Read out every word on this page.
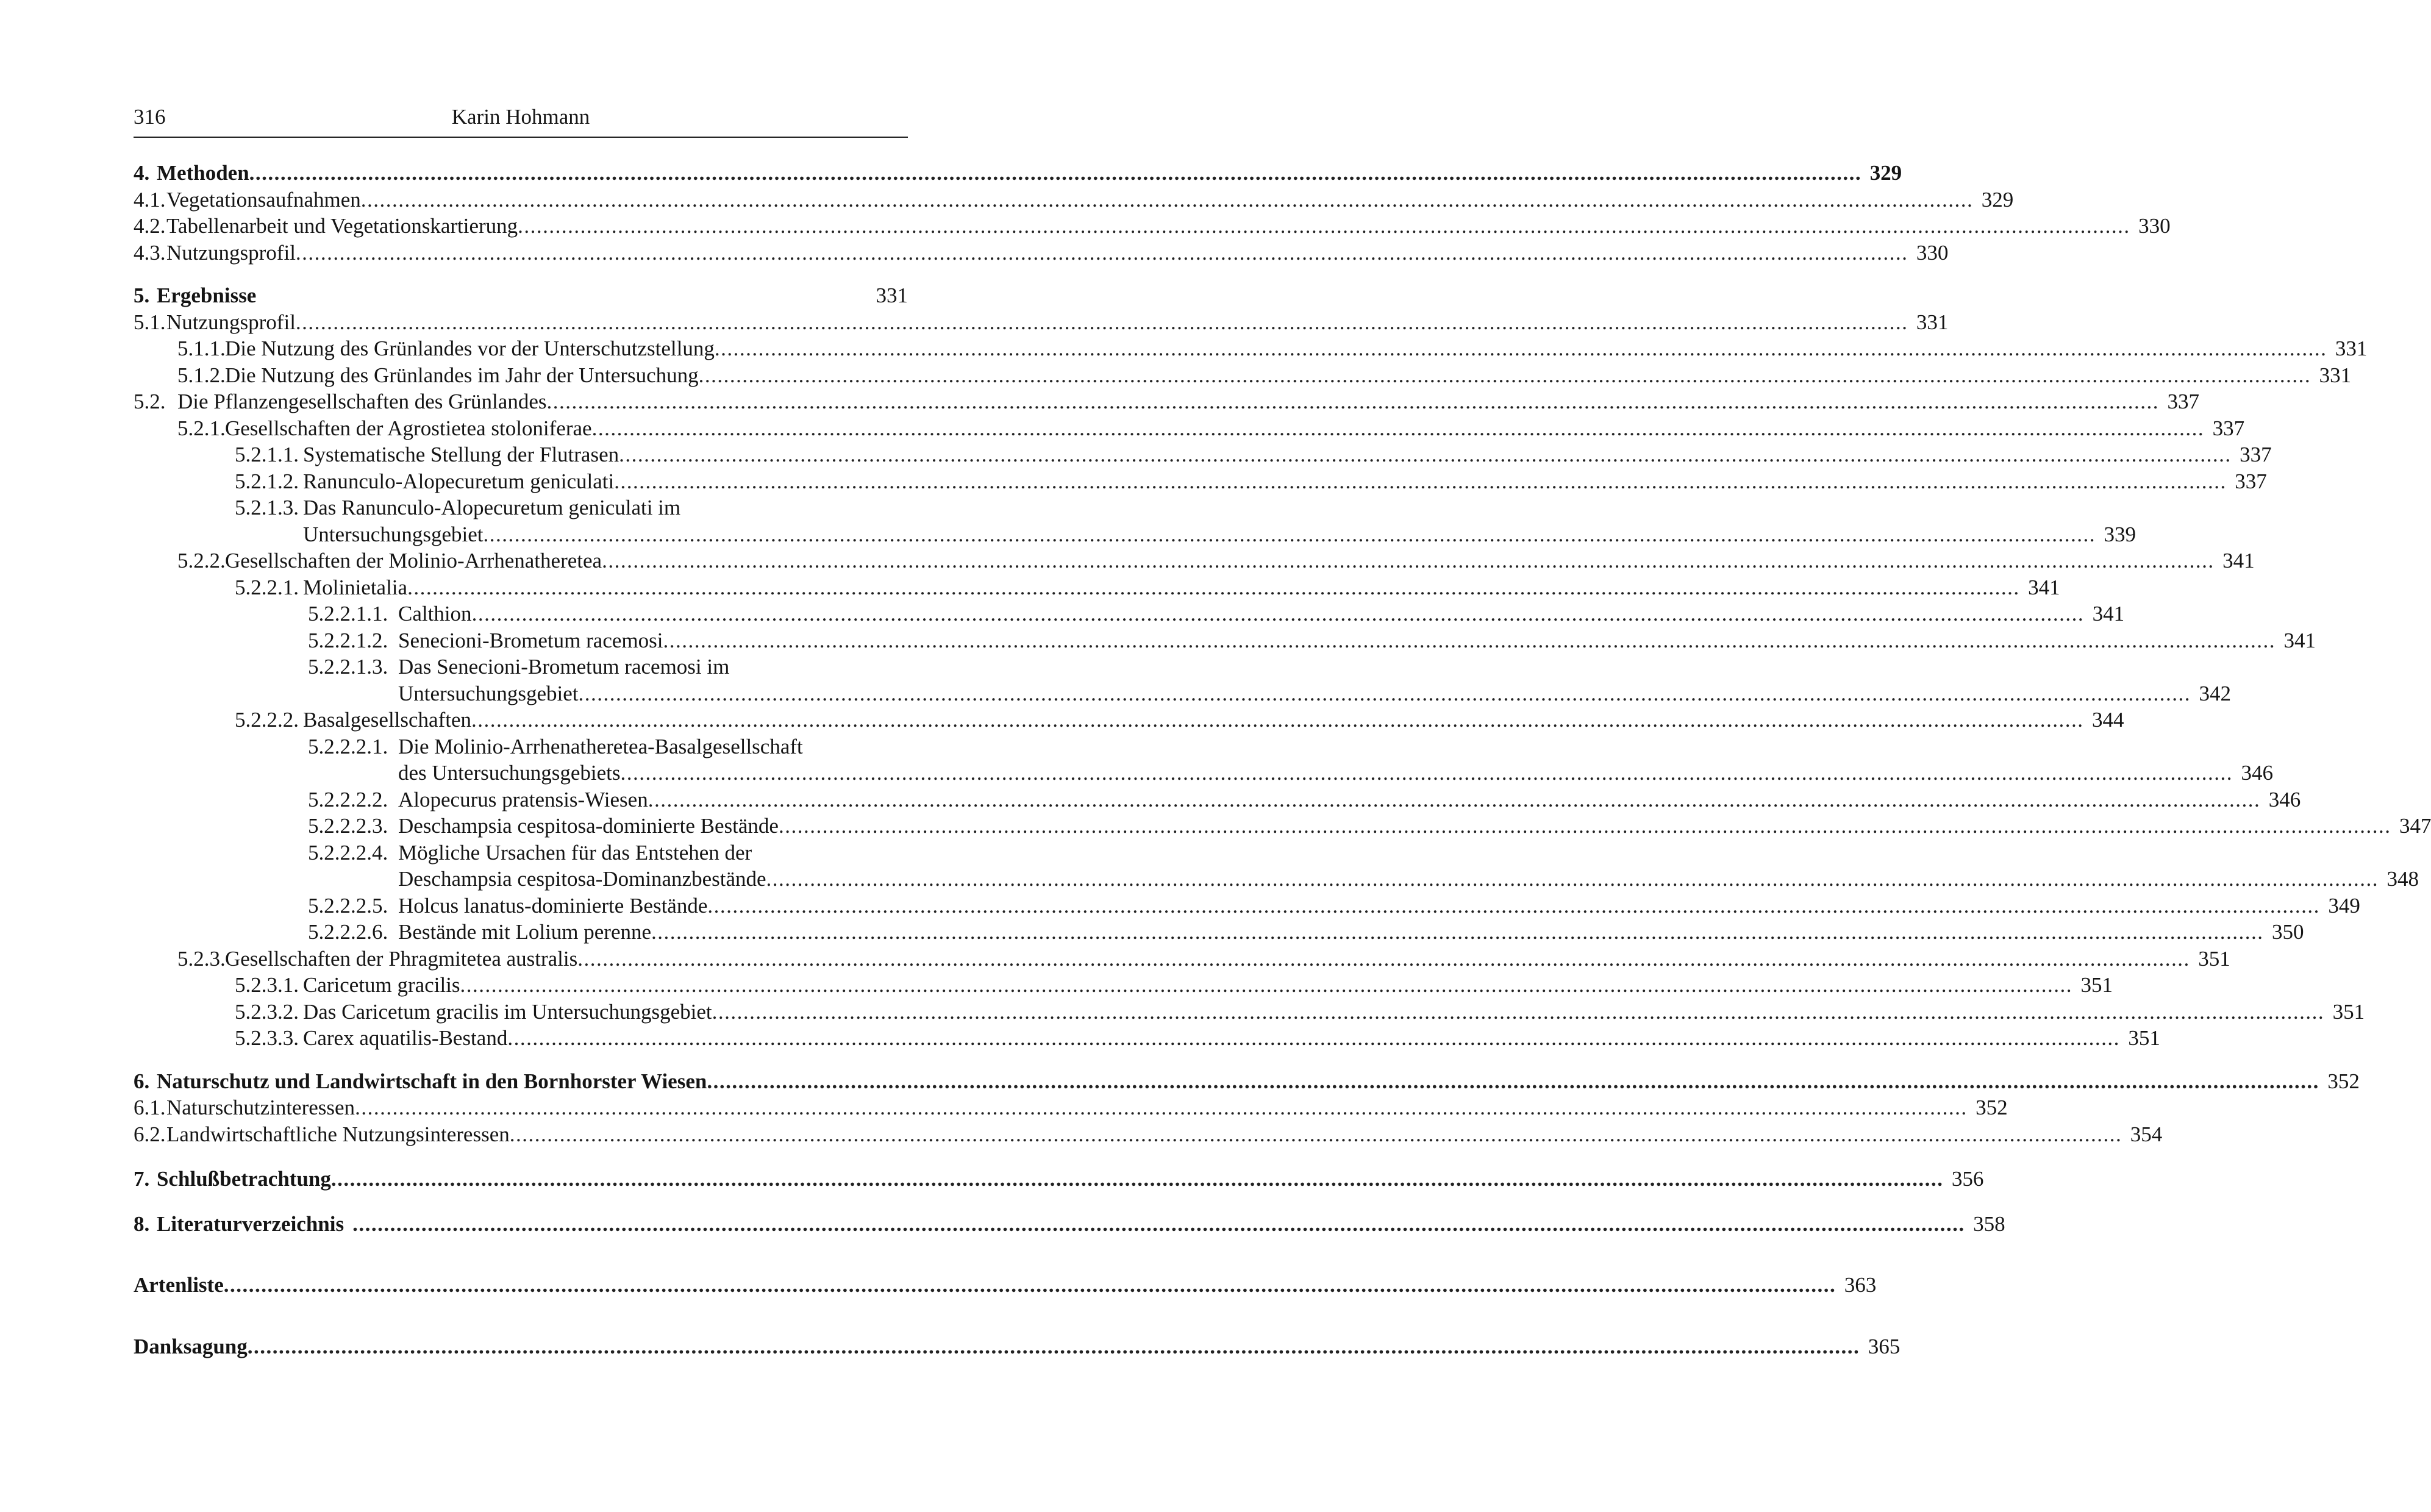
316	Karin Hohmann
4. Methoden .................................................................................................................................................................................................................................................................. 329
4.1. Vegetationsaufnahmen .................................................................................................................................................................................................................................................................. 329
4.2. Tabellenarbeit und Vegetationskartierung .................................................................................................................................................................................................................................................................. 330
4.3. Nutzungsprofil .................................................................................................................................................................................................................................................................. 330
5. Ergebnisse	331
5.1. Nutzungsprofil .................................................................................................................................................................................................................................................................. 331
5.1.1. Die Nutzung des Grünlandes vor der Unterschutzstellung .................................................................................................................................................................................................................................................................. 331
5.1.2. Die Nutzung des Grünlandes im Jahr der Untersuchung .................................................................................................................................................................................................................................................................. 331
5.2. Die Pflanzengesellschaften des Grünlandes .................................................................................................................................................................................................................................................................. 337
5.2.1. Gesellschaften der Agrostietea stoloniferae .................................................................................................................................................................................................................................................................. 337
5.2.1.1. Systematische Stellung der Flutrasen .................................................................................................................................................................................................................................................................. 337
5.2.1.2. Ranunculo-Alopecuretum geniculati .................................................................................................................................................................................................................................................................. 337
5.2.1.3. Das Ranunculo-Alopecuretum geniculati im
Untersuchungsgebiet .................................................................................................................................................................................................................................................................. 339
5.2.2. Gesellschaften der Molinio-Arrhenatheretea .................................................................................................................................................................................................................................................................. 341
5.2.2.1. Molinietalia .................................................................................................................................................................................................................................................................. 341
5.2.2.1.1. Calthion .................................................................................................................................................................................................................................................................. 341
5.2.2.1.2. Senecioni-Brometum racemosi .................................................................................................................................................................................................................................................................. 341
5.2.2.1.3. Das Senecioni-Brometum racemosi im
Untersuchungsgebiet .................................................................................................................................................................................................................................................................. 342
5.2.2.2. Basalgesellschaften .................................................................................................................................................................................................................................................................. 344
5.2.2.2.1. Die Molinio-Arrhenatheretea-Basalgesellschaft
des Untersuchungsgebiets .................................................................................................................................................................................................................................................................. 346
5.2.2.2.2. Alopecurus pratensis-Wiesen .................................................................................................................................................................................................................................................................. 346
5.2.2.2.3. Deschampsia cespitosa-dominierte Bestände .................................................................................................................................................................................................................................................................. 347
5.2.2.2.4. Mögliche Ursachen für das Entstehen der
Deschampsia cespitosa-Dominanzbestände .................................................................................................................................................................................................................................................................. 348
5.2.2.2.5. Holcus lanatus-dominierte Bestände .................................................................................................................................................................................................................................................................. 349
5.2.2.2.6. Bestände mit Lolium perenne .................................................................................................................................................................................................................................................................. 350
5.2.3. Gesellschaften der Phragmitetea australis .................................................................................................................................................................................................................................................................. 351
5.2.3.1. Caricetum gracilis .................................................................................................................................................................................................................................................................. 351
5.2.3.2. Das Caricetum gracilis im Untersuchungsgebiet .................................................................................................................................................................................................................................................................. 351
5.2.3.3. Carex aquatilis-Bestand .................................................................................................................................................................................................................................................................. 351
6. Naturschutz und Landwirtschaft in den Bornhorster Wiesen .................................................................................................................................................................................................................................................................. 352
6.1. Naturschutzinteressen .................................................................................................................................................................................................................................................................. 352
6.2. Landwirtschaftliche Nutzungsinteressen .................................................................................................................................................................................................................................................................. 354
7. Schlußbetrachtung .................................................................................................................................................................................................................................................................. 356
8. Literaturverzeichnis .................................................................................................................................................................................................................................................................. 358
Artenliste .................................................................................................................................................................................................................................................................. 363
Danksagung .................................................................................................................................................................................................................................................................. 365
